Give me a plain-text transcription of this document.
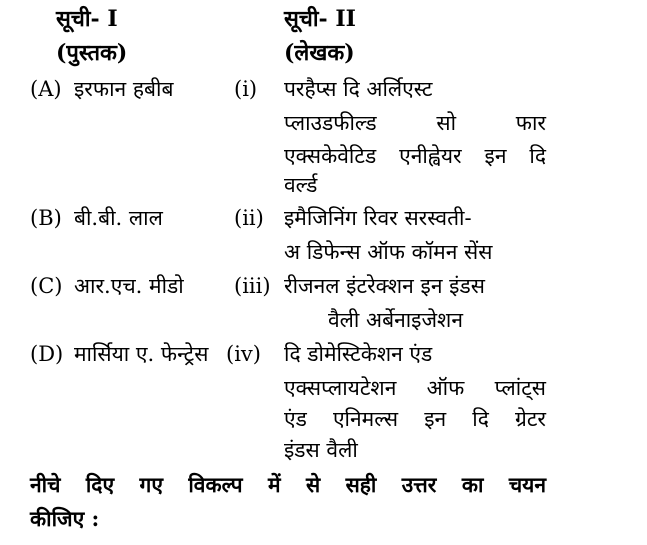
सूची- I
(पुस्तक)
सूची- II
(लेखक)
(A) इरफान हबीब
(B) बी.बी. लाल
(C) आर.एच. मीडो
(D) मार्सिया ए. फेन्ट्रेस
(i)
(ii)
(iii)
(iv)
परहैप्स दि अर्लिएस्ट
प्लाउडफील्ड सो फार
एक्सकेवेटिड एनीह्वेयर इन दि
वर्ल्ड
इमैजिनिंग रिवर सरस्वती-
अ डिफेन्स ऑफ कॉमन सेंस
रीजनल इंटरेक्शन इन इंडस
वैली अर्बेनाइजेशन
दि डोमेस्टिकेशन एंड
एक्सप्लायटेशन ऑफ प्लांट्स
एंड एनिमल्स इन दि ग्रेटर
इंडस वैली
नीचे दिए गए विकल्प में से सही उत्तर का चयन
कीजिए :
